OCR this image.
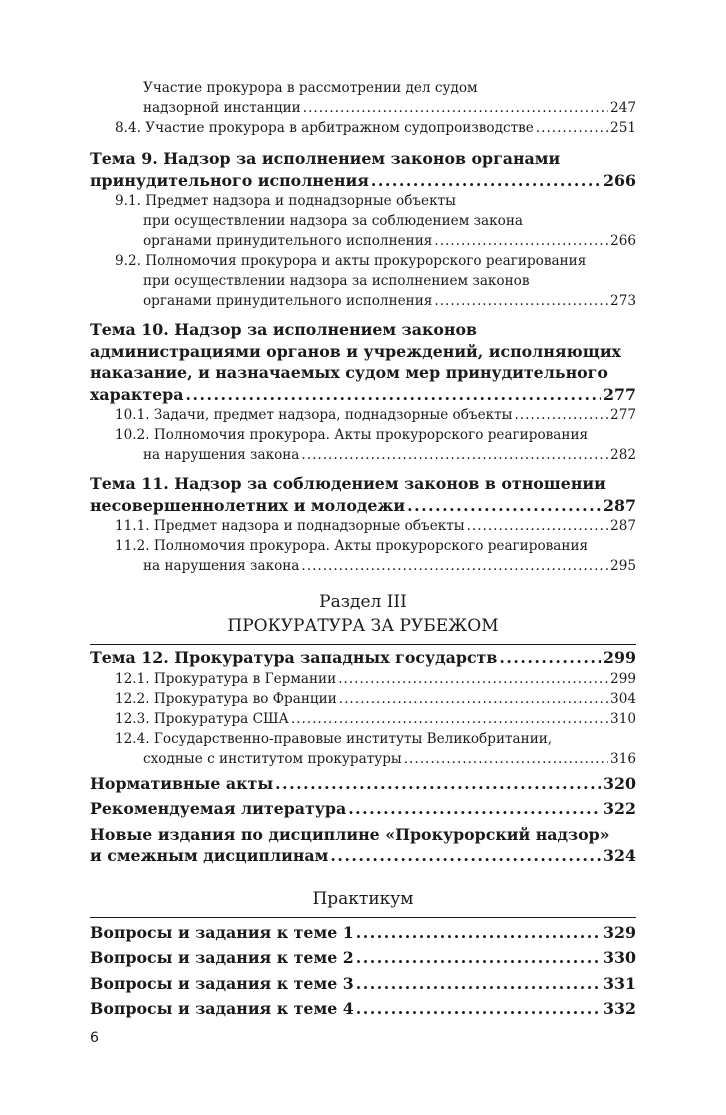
Участие прокурора в рассмотрении дел судом
надзорной инстанции .....	247
8.4. Участие прокурора в арбитражном судопроизводстве .....	251
Тема 9. Надзор за исполнением законов органами
принудительного исполнения .....	266
9.1. Предмет надзора и поднадзорные объекты
при осуществлении надзора за соблюдением закона
органами принудительного исполнения .....	266
9.2. Полномочия прокурора и акты прокурорского реагирования
при осуществлении надзора за исполнением законов
органами принудительного исполнения .....	273
Тема 10. Надзор за исполнением законов
администрациями органов и учреждений, исполняющих
наказание, и назначаемых судом мер принудительного
характера .....	277
10.1. Задачи, предмет надзора, поднадзорные объекты .....	277
10.2. Полномочия прокурора. Акты прокурорского реагирования
на нарушения закона .....	282
Тема 11. Надзор за соблюдением законов в отношении
несовершеннолетних и молодежи .....	287
11.1. Предмет надзора и поднадзорные объекты .....	287
11.2. Полномочия прокурора. Акты прокурорского реагирования
на нарушения закона .....	295
Раздел III
ПРОКУРАТУРА ЗА РУБЕЖОМ
Тема 12. Прокуратура западных государств .....	299
12.1. Прокуратура в Германии .....	299
12.2. Прокуратура во Франции .....	304
12.3. Прокуратура США .....	310
12.4. Государственно-правовые институты Великобритании,
сходные с институтом прокуратуры .....	316
Нормативные акты .....	320
Рекомендуемая литература .....	322
Новые издания по дисциплине «Прокурорский надзор»
и смежным дисциплинам .....	324
Практикум
Вопросы и задания к теме 1 .....	329
Вопросы и задания к теме 2 .....	330
Вопросы и задания к теме 3 .....	331
Вопросы и задания к теме 4 .....	332
6
